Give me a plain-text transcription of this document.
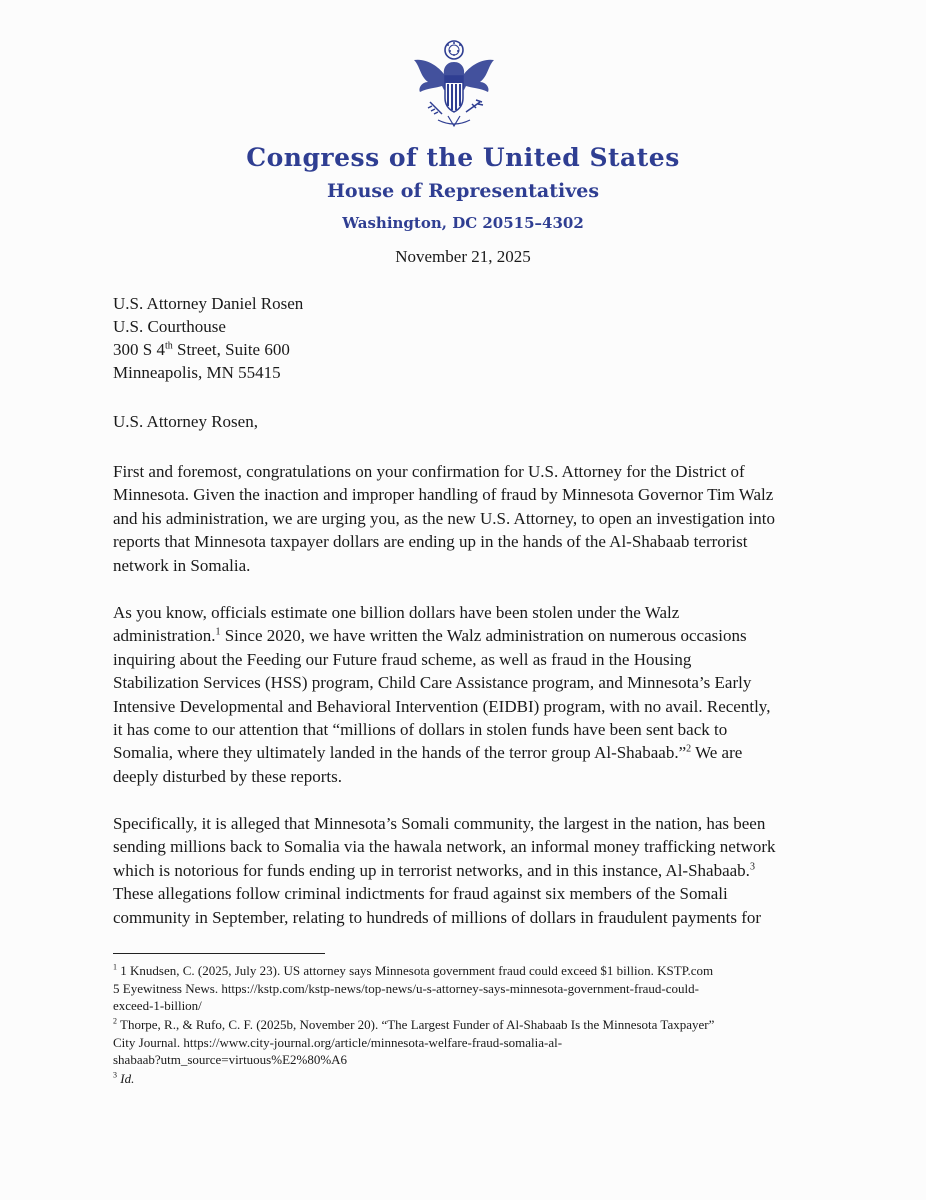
Congress of the United States
House of Representatives
Washington, DC 20515–4302
November 21, 2025
U.S. Attorney Daniel Rosen
U.S. Courthouse
300 S 4th Street, Suite 600
Minneapolis, MN 55415
U.S. Attorney Rosen,
First and foremost, congratulations on your confirmation for U.S. Attorney for the District of
Minnesota. Given the inaction and improper handling of fraud by Minnesota Governor Tim Walz
and his administration, we are urging you, as the new U.S. Attorney, to open an investigation into
reports that Minnesota taxpayer dollars are ending up in the hands of the Al-Shabaab terrorist
network in Somalia.
As you know, officials estimate one billion dollars have been stolen under the Walz
administration.$^1$ Since 2020, we have written the Walz administration on numerous occasions
inquiring about the Feeding our Future fraud scheme, as well as fraud in the Housing
Stabilization Services (HSS) program, Child Care Assistance program, and Minnesota’s Early
Intensive Developmental and Behavioral Intervention (EIDBI) program, with no avail. Recently,
it has come to our attention that “millions of dollars in stolen funds have been sent back to
Somalia, where they ultimately landed in the hands of the terror group Al-Shabaab.”$^2$ We are
deeply disturbed by these reports.
Specifically, it is alleged that Minnesota’s Somali community, the largest in the nation, has been
sending millions back to Somalia via the hawala network, an informal money trafficking network
which is notorious for funds ending up in terrorist networks, and in this instance, Al-Shabaab.$^3$
These allegations follow criminal indictments for fraud against six members of the Somali
community in September, relating to hundreds of millions of dollars in fraudulent payments for
$^1$ 1 Knudsen, C. (2025, July 23). US attorney says Minnesota government fraud could exceed $1 billion. KSTP.com
5 Eyewitness News. https://kstp.com/kstp-news/top-news/u-s-attorney-says-minnesota-government-fraud-could-
exceed-1-billion/
$^2$ Thorpe, R., & Rufo, C. F. (2025b, November 20). “The Largest Funder of Al-Shabaab Is the Minnesota Taxpayer”
City Journal. https://www.city-journal.org/article/minnesota-welfare-fraud-somalia-al-
shabaab?utm_source=virtuous%E2%80%A6
$^3$ Id.
